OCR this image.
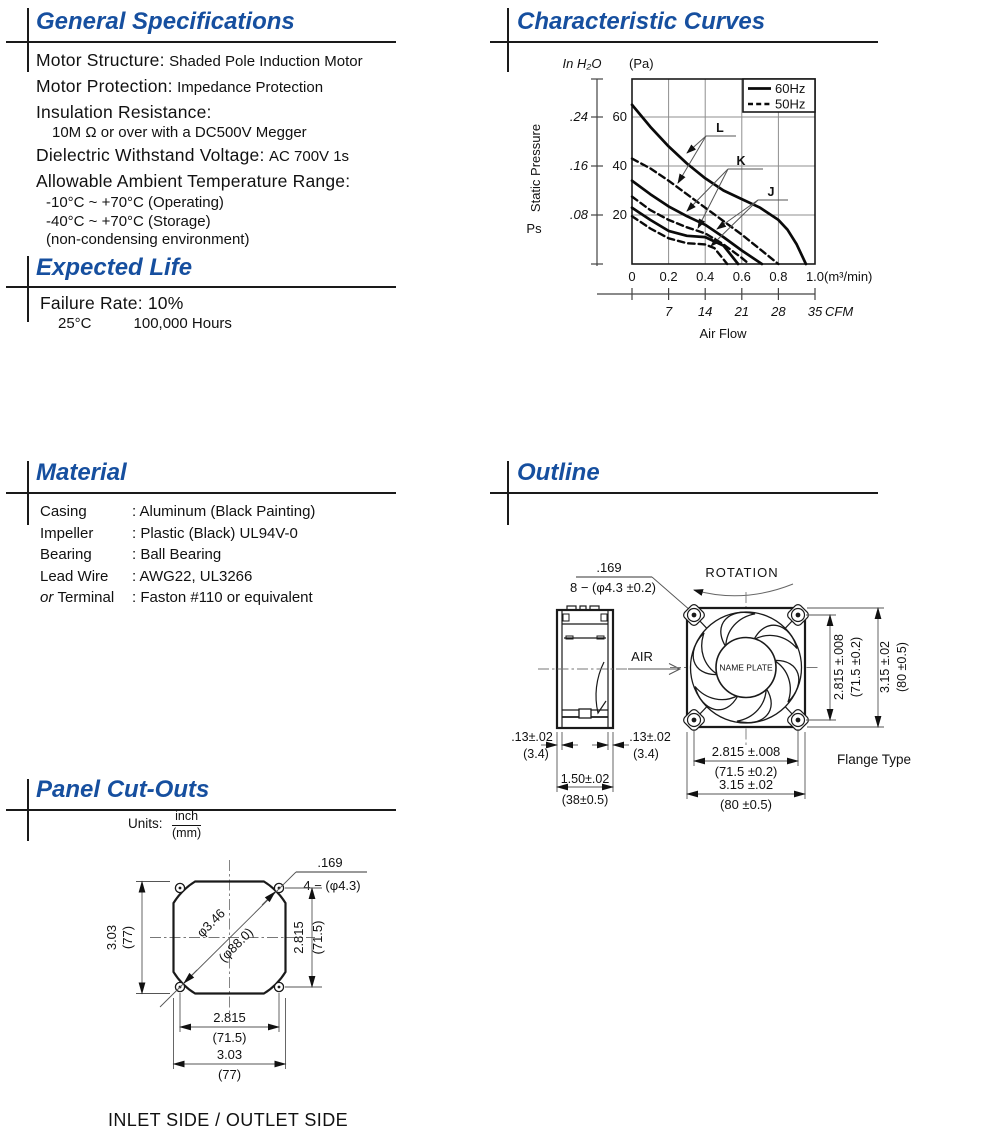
General Specifications
Motor Structure: Shaded Pole Induction Motor
Motor Protection: Impedance Protection
Insulation Resistance:
10M Ω or over with a DC500V Megger
Dielectric Withstand Voltage: AC 700V 1s
Allowable Ambient Temperature Range:
-10°C ~ +70°C (Operating)
-40°C ~ +70°C (Storage)
(non-condensing environment)
Expected Life
Failure Rate: 10%
25°C	100,000 Hours
Characteristic Curves
In H₂O (Pa)
.24
.16
.08
60
40
20
Static Pressure
Ps
60Hz
50Hz
L
K
J
0 0.2 0.4 0.6 0.8 1.0 (m³/min)
7 14 21 28 35 CFM
Air Flow
Material
Casing	: Aluminum (Black Painting)
Impeller	: Plastic (Black) UL94V-0
Bearing	: Ball Bearing
Lead Wire : AWG22, UL3266
or Terminal : Faston #110 or equivalent
Outline
.169
8 − (φ4.3 ±0.2)
ROTATION
AIR
NAME PLATE
.13±.02
(3.4)
.13±.02
(3.4)
1.50±.02
(38±0.5)
2.815 ±.008 (71.5 ±0.2) 3.15 ±.02 (80 ±0.5)
2.815 ±.008
(71.5 ±0.2)
3.15 ±.02
(80 ±0.5)
Flange Type
Panel Cut-Outs
Units: inch
(mm)
φ3.46
(φ88.0)
.169
4 − (φ4.3)
3.03 (77)	2.815 (71.5)
2.815
(71.5)
3.03
(77)
INLET SIDE / OUTLET SIDE
